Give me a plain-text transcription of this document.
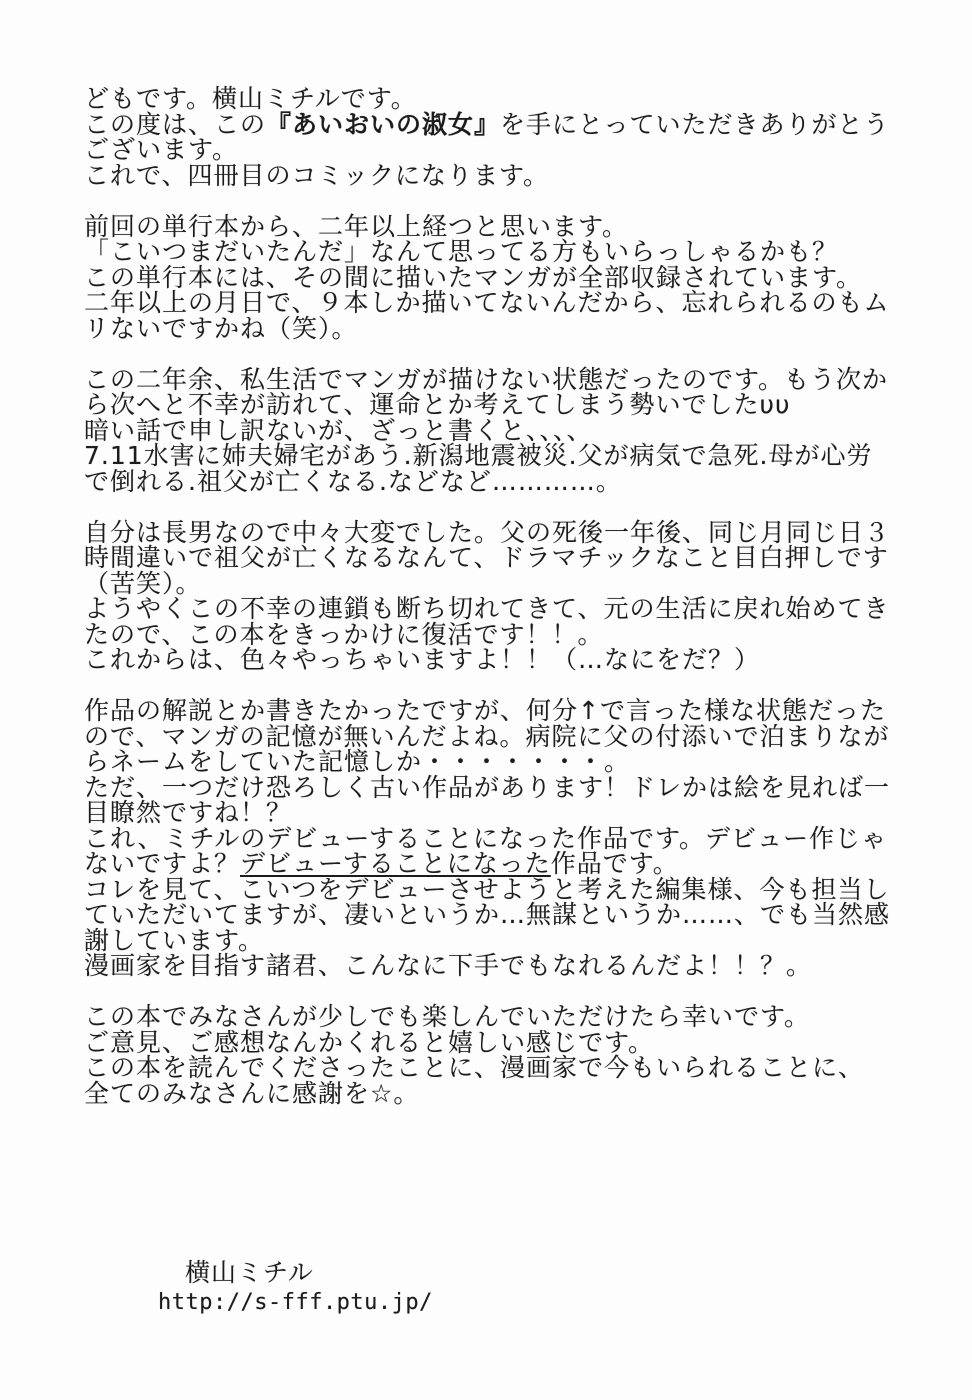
どもです。横山ミチルです。
この度は、この『あいおいの淑女』を手にとっていただきありがとう
ございます。
これで、四冊目のコミックになります。

前回の単行本から、二年以上経つと思います。
「こいつまだいたんだ」なんて思ってる方もいらっしゃるかも？
この単行本には、その間に描いたマンガが全部収録されています。
二年以上の月日で、９本しか描いてないんだから、忘れられるのもム
リないですかね（笑）。

この二年余、私生活でマンガが描けない状態だったのです。もう次か
ら次へと不幸が訪れて、運命とか考えてしまう勢いでしたυυ
暗い話で申し訳ないが、ざっと書くと、、、、
7.11水害に姉夫婦宅があう.新潟地震被災.父が病気で急死.母が心労
で倒れる.祖父が亡くなる.などなど…………。

自分は長男なので中々大変でした。父の死後一年後、同じ月同じ日３
時間違いで祖父が亡くなるなんて、ドラマチックなこと目白押しです
（苦笑）。
ようやくこの不幸の連鎖も断ち切れてきて、元の生活に戻れ始めてき
たので、この本をきっかけに復活です！！。
これからは、色々やっちゃいますよ！！（…なにをだ？）

作品の解説とか書きたかったですが、何分↑で言った様な状態だった
ので、マンガの記憶が無いんだよね。病院に父の付添いで泊まりなが
らネームをしていた記憶しか・・・・・・・。
ただ、一つだけ恐ろしく古い作品があります！ドレかは絵を見れば一
目瞭然ですね！？
これ、ミチルのデビューすることになった作品です。デビュー作じゃ
ないですよ？デビューすることになった作品です。
コレを見て、こいつをデビューさせようと考えた編集様、今も担当し
ていただいてますが、凄いというか…無謀というか……、でも当然感
謝しています。
漫画家を目指す諸君、こんなに下手でもなれるんだよ！！？。

この本でみなさんが少しでも楽しんでいただけたら幸いです。
ご意見、ご感想なんかくれると嬉しい感じです。
この本を読んでくださったことに、漫画家で今もいられることに、
全てのみなさんに感謝を☆。

横山ミチル
http://s-fff.ptu.jp/
